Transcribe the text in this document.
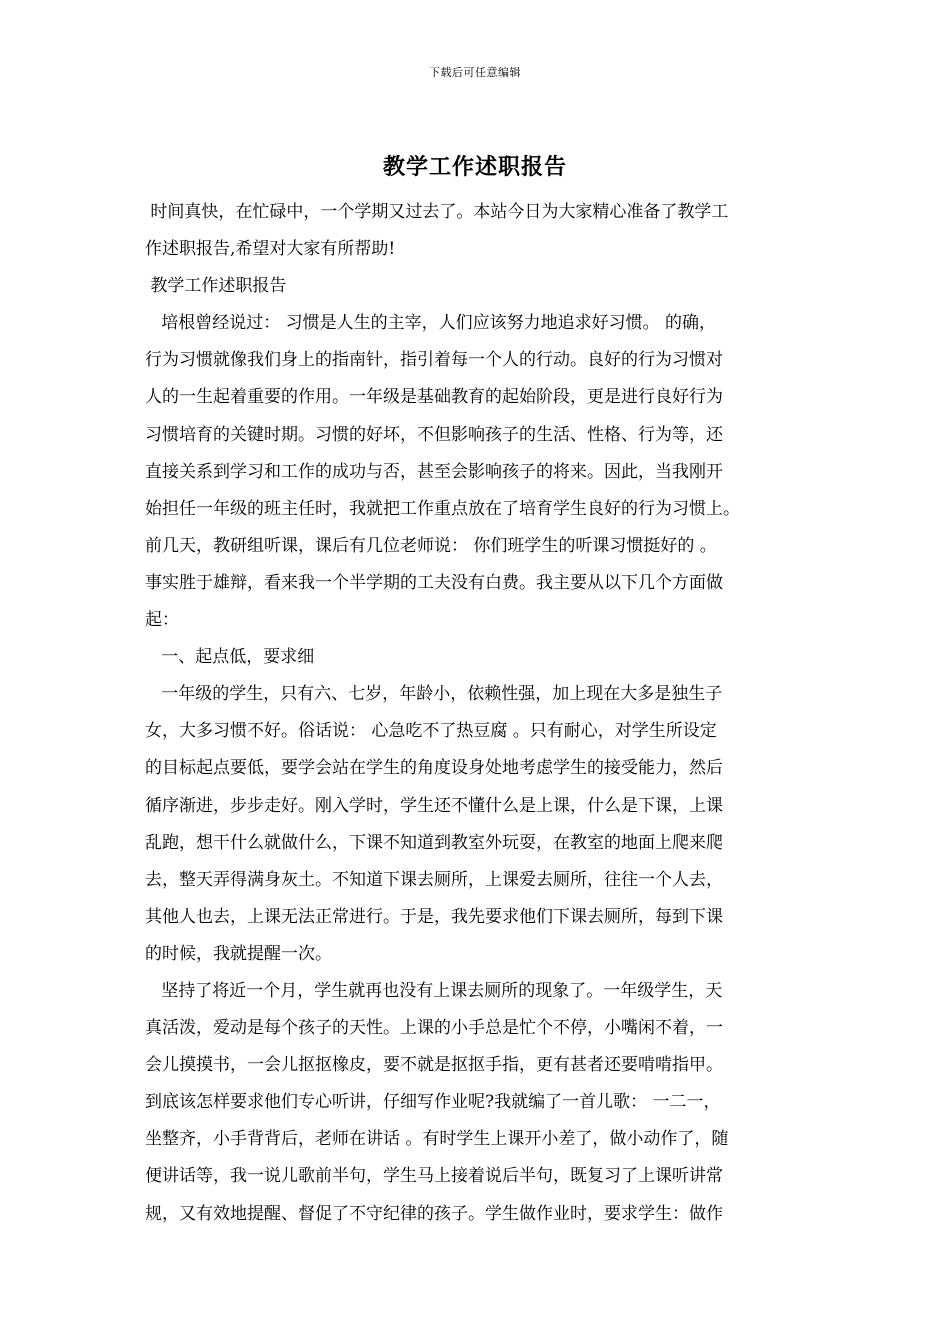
下载后可任意编辑
教学工作述职报告
时间真快，在忙碌中，一个学期又过去了。本站今日为大家精心准备了教学工
作述职报告,希望对大家有所帮助!
教学工作述职报告
培根曾经说过： 习惯是人生的主宰，人们应该努力地追求好习惯。 的确，
行为习惯就像我们身上的指南针，指引着每一个人的行动。良好的行为习惯对
人的一生起着重要的作用。一年级是基础教育的起始阶段，更是进行良好行为
习惯培育的关键时期。习惯的好坏，不但影响孩子的生活、性格、行为等，还
直接关系到学习和工作的成功与否，甚至会影响孩子的将来。因此，当我刚开
始担任一年级的班主任时，我就把工作重点放在了培育学生良好的行为习惯上。
前几天，教研组听课，课后有几位老师说： 你们班学生的听课习惯挺好的 。
事实胜于雄辩，看来我一个半学期的工夫没有白费。我主要从以下几个方面做
起：
一、起点低，要求细
一年级的学生，只有六、七岁，年龄小，依赖性强，加上现在大多是独生子
女，大多习惯不好。俗话说： 心急吃不了热豆腐 。只有耐心，对学生所设定
的目标起点要低，要学会站在学生的角度设身处地考虑学生的接受能力，然后
循序渐进，步步走好。刚入学时，学生还不懂什么是上课，什么是下课，上课
乱跑，想干什么就做什么，下课不知道到教室外玩耍，在教室的地面上爬来爬
去，整天弄得满身灰土。不知道下课去厕所，上课爱去厕所，往往一个人去，
其他人也去，上课无法正常进行。于是，我先要求他们下课去厕所，每到下课
的时候，我就提醒一次。
坚持了将近一个月，学生就再也没有上课去厕所的现象了。一年级学生，天
真活泼，爱动是每个孩子的天性。上课的小手总是忙个不停，小嘴闲不着，一
会儿摸摸书，一会儿抠抠橡皮，要不就是抠抠手指，更有甚者还要啃啃指甲。
到底该怎样要求他们专心听讲，仔细写作业呢?我就编了一首儿歌： 一二一，
坐整齐，小手背背后，老师在讲话 。有时学生上课开小差了，做小动作了，随
便讲话等，我一说儿歌前半句，学生马上接着说后半句，既复习了上课听讲常
规，又有效地提醒、督促了不守纪律的孩子。学生做作业时，要求学生：做作
